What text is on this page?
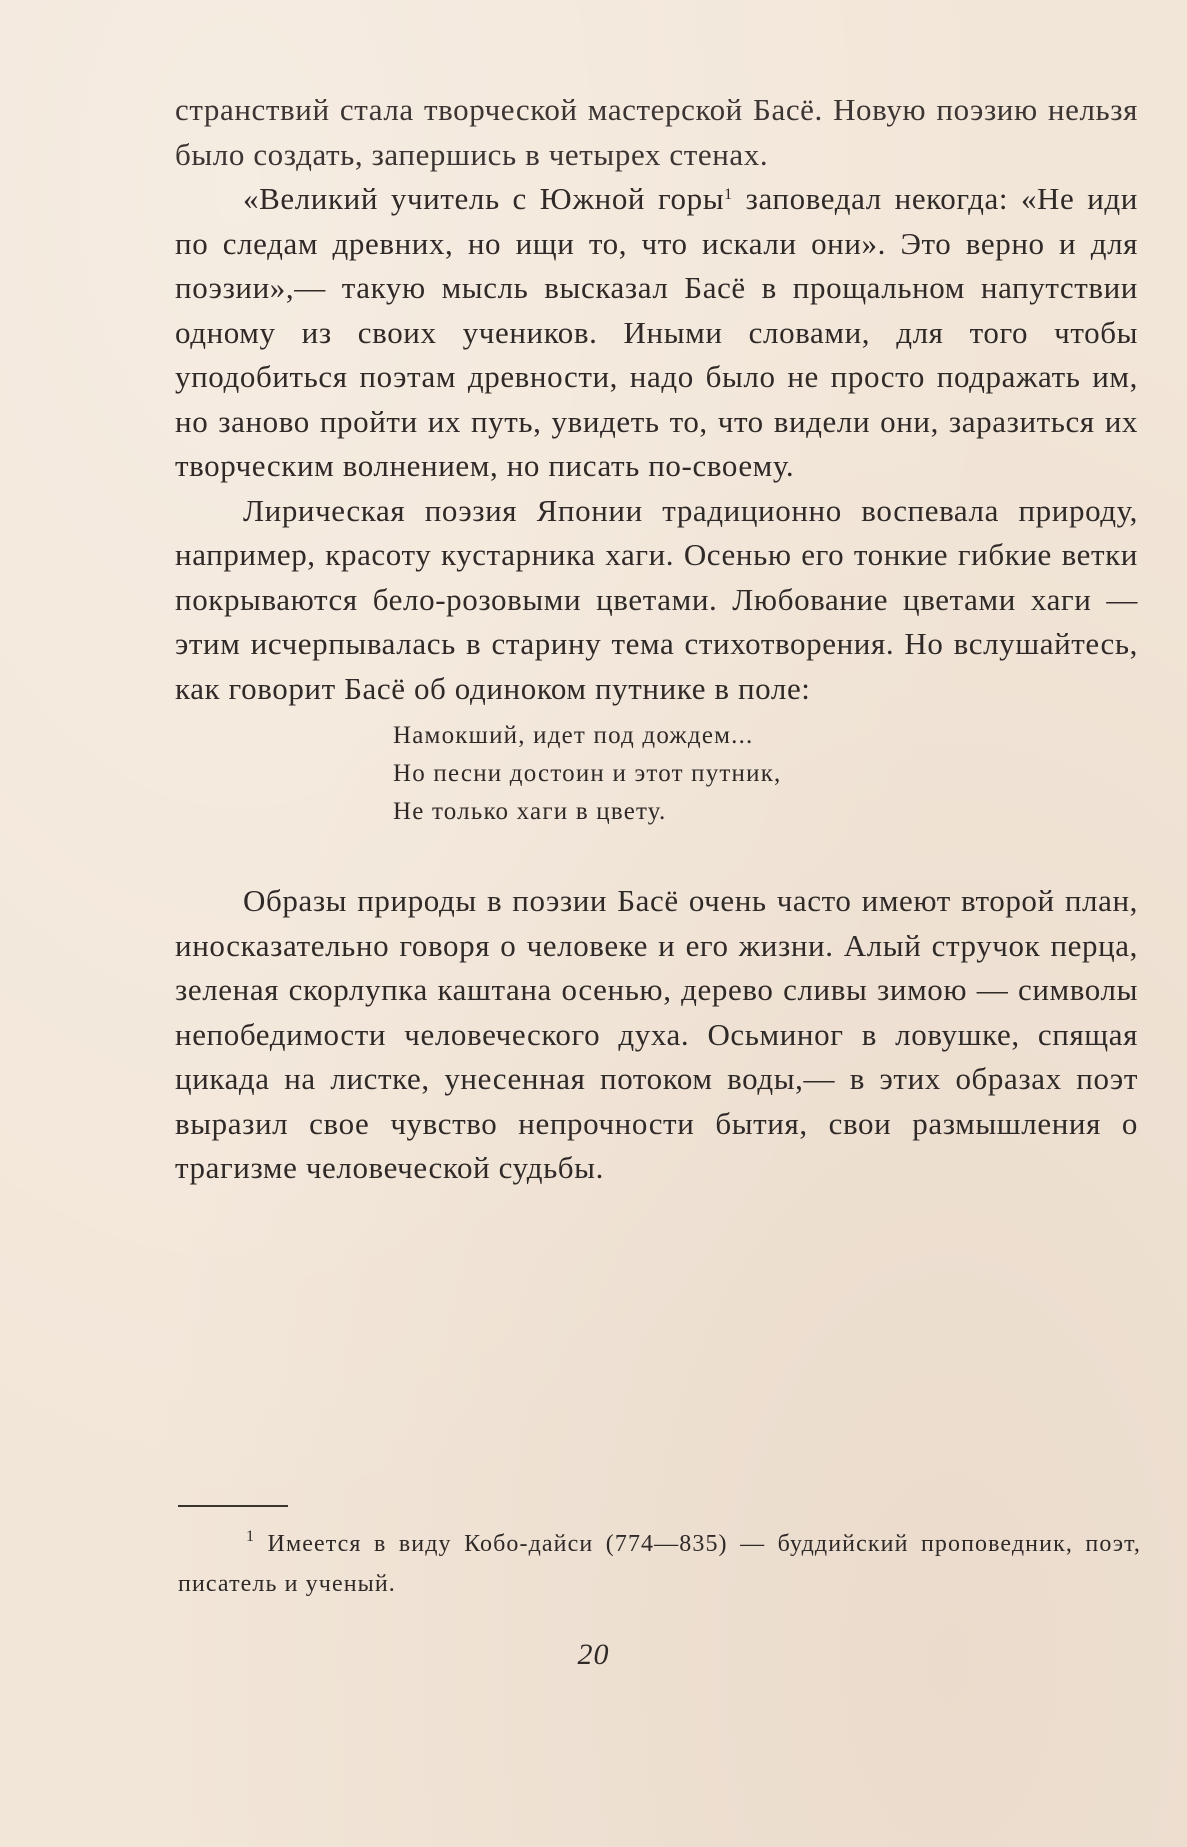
странствий стала творческой мастерской Басё. Новую поэзию нельзя было создать, запершись в четырех стенах.

«Великий учитель с Южной горы$^1$ заповедал некогда: «Не иди по следам древних, но ищи то, что искали они». Это верно и для поэзии»,— такую мысль высказал Басё в прощальном напутствии одному из своих учеников. Иными словами, для того чтобы уподобиться поэтам древности, надо было не просто подражать им, но заново пройти их путь, увидеть то, что видели они, заразиться их творческим волнением, но писать по-своему.

Лирическая поэзия Японии традиционно воспевала природу, например, красоту кустарника хаги. Осенью его тонкие гибкие ветки покрываются бело-розовыми цветами. Любование цветами хаги — этим исчерпывалась в старину тема стихотворения. Но вслушайтесь, как говорит Басё об одиноком путнике в поле:

Намокший, идет под дождем...
Но песни достоин и этот путник,
Не только хаги в цвету.

Образы природы в поэзии Басё очень часто имеют второй план, иносказательно говоря о человеке и его жизни. Алый стручок перца, зеленая скорлупка каштана осенью, дерево сливы зимою — символы непобедимости человеческого духа. Осьминог в ловушке, спящая цикада на листке, унесенная потоком воды,— в этих образах поэт выразил свое чувство непрочности бытия, свои размышления о трагизме человеческой судьбы.

$^1$ Имеется в виду Кобо-дайси (774—835) — буддийский проповедник, поэт, писатель и ученый.
20
